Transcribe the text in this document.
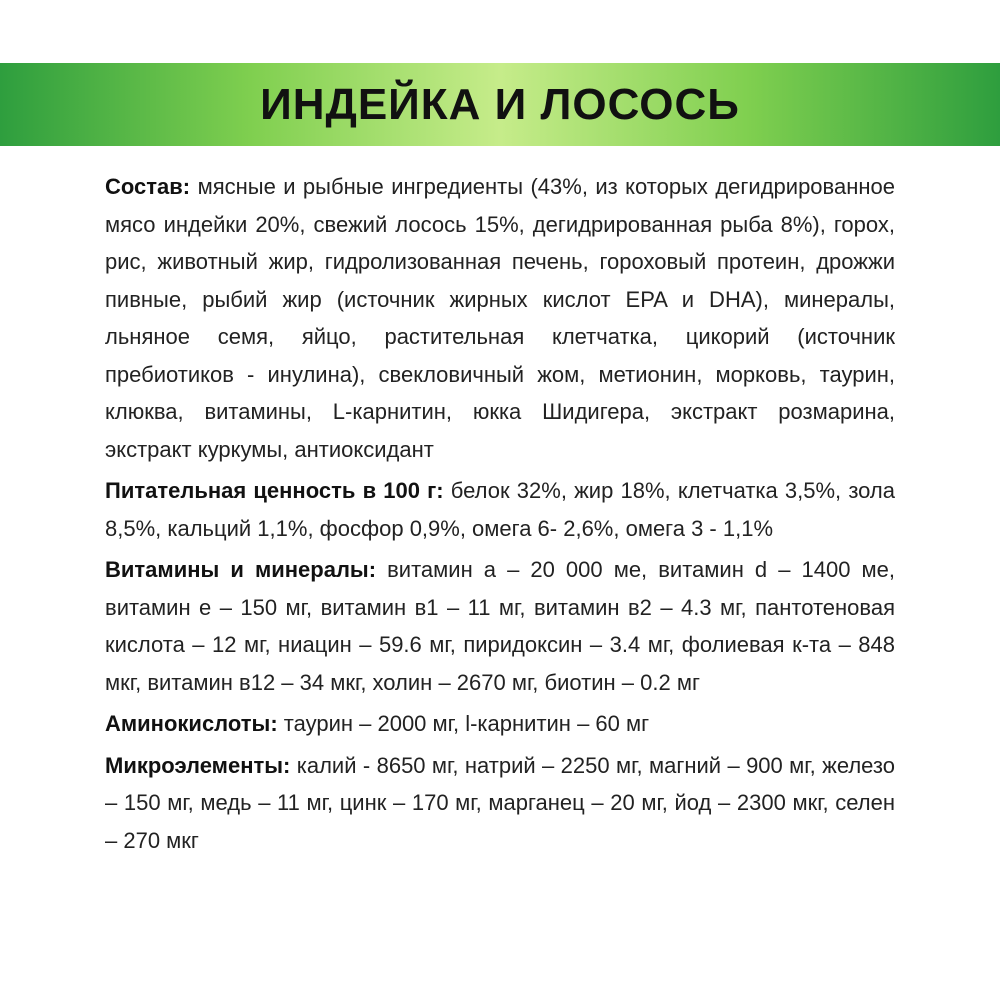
ИНДЕЙКА И ЛОСОСЬ

Состав: мясные и рыбные ингредиенты (43%, из которых дегидрированное мясо индейки 20%, свежий лосось 15%, дегидрированная рыба 8%), горох, рис, животный жир, гидролизованная печень, гороховый протеин, дрожжи пивные, рыбий жир (источник жирных кислот EPA и DHA), минералы, льняное семя, яйцо, растительная клетчатка, цикорий (источник пребиотиков - инулина), свекловичный жом, метионин, морковь, таурин, клюква, витамины, L-карнитин, юкка Шидигера, экстракт розмарина, экстракт куркумы, антиоксидант

Питательная ценность в 100 г: белок 32%, жир 18%, клетчатка 3,5%, зола 8,5%, кальций 1,1%, фосфор 0,9%, омега 6- 2,6%, омега 3 - 1,1%

Витамины и минералы: витамин а – 20 000 ме, витамин d – 1400 ме, витамин е – 150 мг, витамин в1 – 11 мг, витамин в2 – 4.3 мг, пантотеновая кислота – 12 мг, ниацин – 59.6 мг, пиридоксин – 3.4 мг, фолиевая к-та – 848 мкг, витамин в12 – 34 мкг, холин – 2670 мг, биотин – 0.2 мг

Аминокислоты: таурин – 2000 мг, l-карнитин – 60 мг

Микроэлементы: калий - 8650 мг, натрий – 2250 мг, магний – 900 мг, железо – 150 мг, медь – 11 мг, цинк – 170 мг, марганец – 20 мг, йод – 2300 мкг, селен – 270 мкг
